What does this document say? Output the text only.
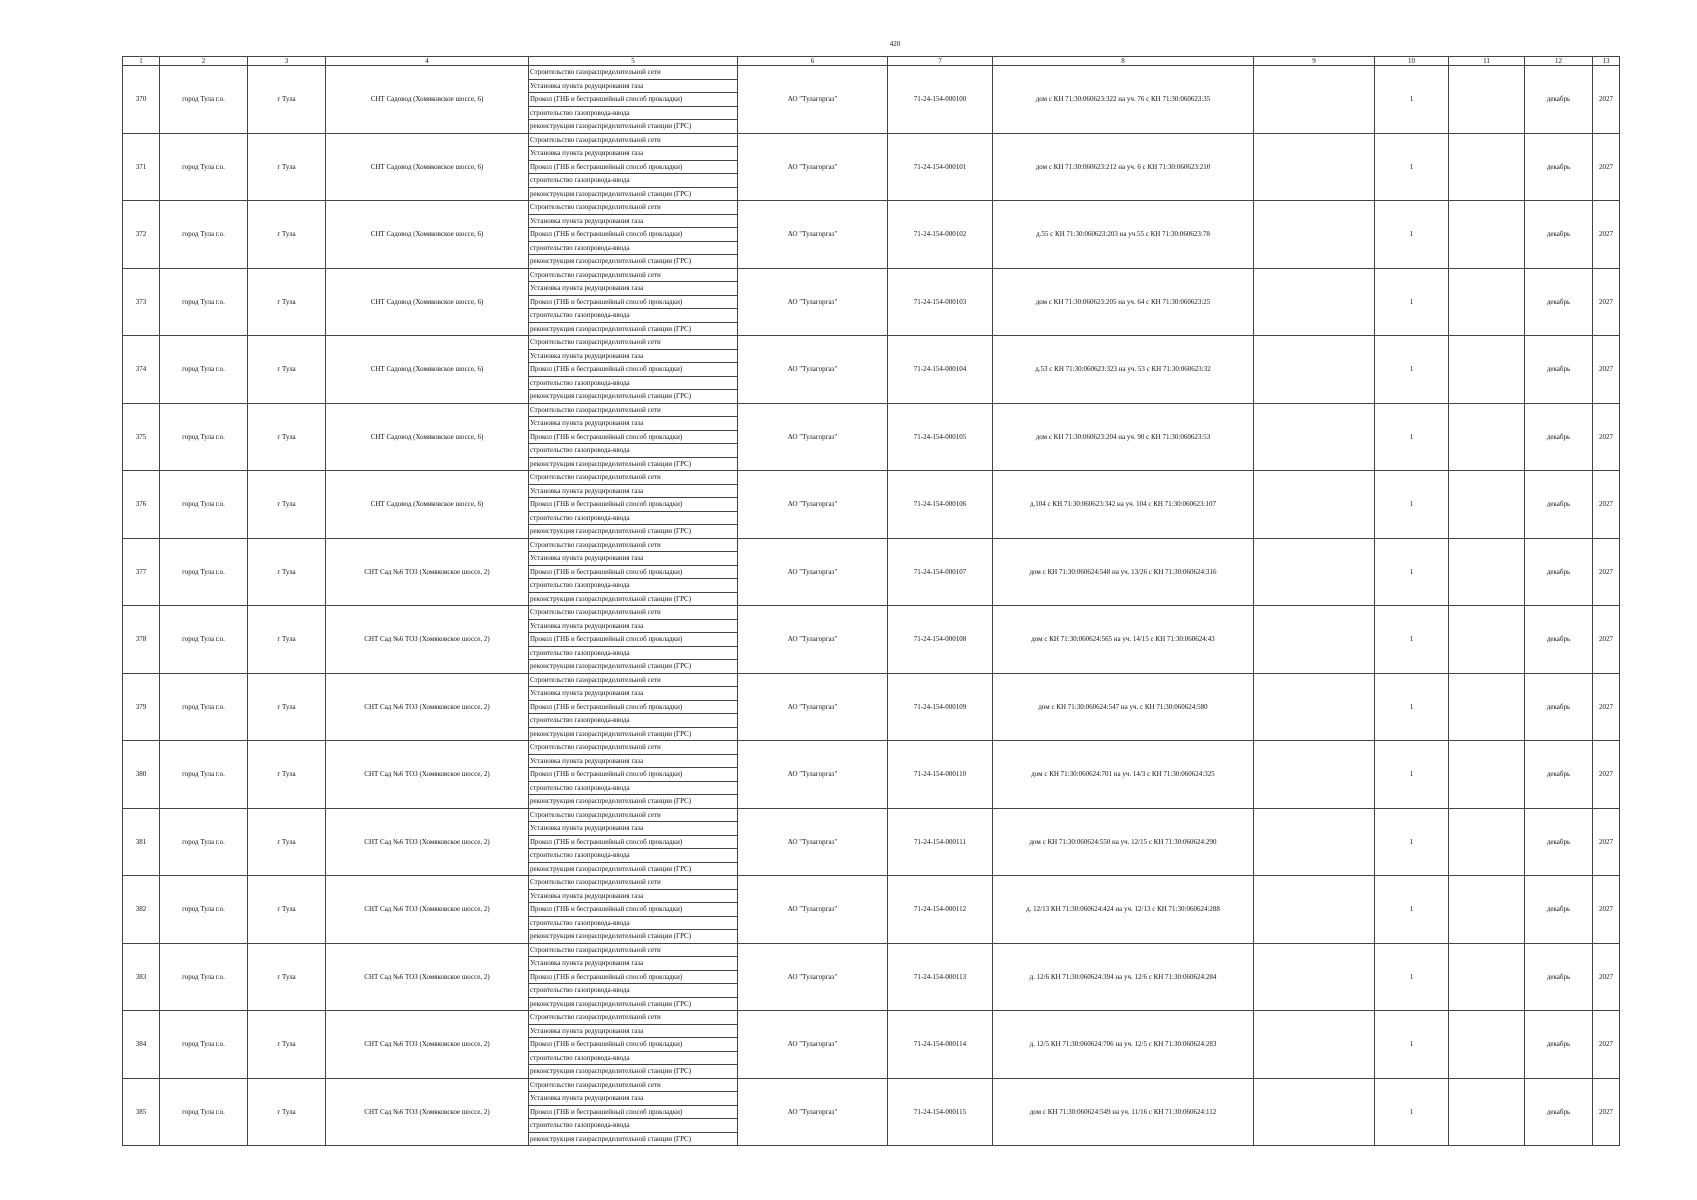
420
1	2	3	4	5	6	7	8	9	10	11	12	13
370	город Тула г.о.	г Тула	СНТ Садовод (Хомяковское шоссе, 6)	Строительство газораспределительной сети	АО "Тулагоргаз"	71-24-154-000100	дом с КН 71:30:060623:322 на уч. 76 с КН 71:30:060623:35		1		декабрь	2027
				Установка пункта редуцирования газа								
				Прокол (ГНБ и бестраншейный способ прокладки)								
				строительство газопровода-ввода								
				реконструкция газораспределительной станции (ГРС)								
371	город Тула г.о.	г Тула	СНТ Садовод (Хомяковское шоссе, 6)	Строительство газораспределительной сети	АО "Тулагоргаз"	71-24-154-000101	дом с КН 71:30:060623:212 на уч. 6 с КН 71:30:060623:210		1		декабрь	2027
				Установка пункта редуцирования газа								
				Прокол (ГНБ и бестраншейный способ прокладки)								
				строительство газопровода-ввода								
				реконструкция газораспределительной станции (ГРС)								
372	город Тула г.о.	г Тула	СНТ Садовод (Хомяковское шоссе, 6)	Строительство газораспределительной сети	АО "Тулагоргаз"	71-24-154-000102	д.55 с КН 71:30:060623:203 на уч.55 с КН 71:30:060623:78		1		декабрь	2027
				Установка пункта редуцирования газа								
				Прокол (ГНБ и бестраншейный способ прокладки)								
				строительство газопровода-ввода								
				реконструкция газораспределительной станции (ГРС)								
373	город Тула г.о.	г Тула	СНТ Садовод (Хомяковское шоссе, 6)	Строительство газораспределительной сети	АО "Тулагоргаз"	71-24-154-000103	дом с КН 71:30:060623:205 на уч. 64 с КН 71:30:060623:25		1		декабрь	2027
				Установка пункта редуцирования газа								
				Прокол (ГНБ и бестраншейный способ прокладки)								
				строительство газопровода-ввода								
				реконструкция газораспределительной станции (ГРС)								
374	город Тула г.о.	г Тула	СНТ Садовод (Хомяковское шоссе, 6)	Строительство газораспределительной сети	АО "Тулагоргаз"	71-24-154-000104	д.53 с КН 71:30:060623:323 на уч. 53 с КН 71:30:060623:32		1		декабрь	2027
				Установка пункта редуцирования газа								
				Прокол (ГНБ и бестраншейный способ прокладки)								
				строительство газопровода-ввода								
				реконструкция газораспределительной станции (ГРС)								
375	город Тула г.о.	г Тула	СНТ Садовод (Хомяковское шоссе, 6)	Строительство газораспределительной сети	АО "Тулагоргаз"	71-24-154-000105	дом с КН 71:30:060623:204 на уч. 90 с КН 71:30:060623:53		1		декабрь	2027
				Установка пункта редуцирования газа								
				Прокол (ГНБ и бестраншейный способ прокладки)								
				строительство газопровода-ввода								
				реконструкция газораспределительной станции (ГРС)								
376	город Тула г.о.	г Тула	СНТ Садовод (Хомяковское шоссе, 6)	Строительство газораспределительной сети	АО "Тулагоргаз"	71-24-154-000106	д.104 с КН 71:30:060623:342 на уч. 104 с КН 71:30:060623:107		1		декабрь	2027
				Установка пункта редуцирования газа								
				Прокол (ГНБ и бестраншейный способ прокладки)								
				строительство газопровода-ввода								
				реконструкция газораспределительной станции (ГРС)								
377	город Тула г.о.	г Тула	СНТ Сад №6 ТОЗ (Хомяковское шоссе, 2)	Строительство газораспределительной сети	АО "Тулагоргаз"	71-24-154-000107	дом с КН 71:30:060624:548 на уч. 13/26 с КН 71:30:060624:316		1		декабрь	2027
				Установка пункта редуцирования газа								
				Прокол (ГНБ и бестраншейный способ прокладки)								
				строительство газопровода-ввода								
				реконструкция газораспределительной станции (ГРС)								
378	город Тула г.о.	г Тула	СНТ Сад №6 ТОЗ (Хомяковское шоссе, 2)	Строительство газораспределительной сети	АО "Тулагоргаз"	71-24-154-000108	дом с КН 71:30:060624:565 на уч. 14/15 с КН 71:30:060624:43		1		декабрь	2027
				Установка пункта редуцирования газа								
				Прокол (ГНБ и бестраншейный способ прокладки)								
				строительство газопровода-ввода								
				реконструкция газораспределительной станции (ГРС)								
379	город Тула г.о.	г Тула	СНТ Сад №6 ТОЗ (Хомяковское шоссе, 2)	Строительство газораспределительной сети	АО "Тулагоргаз"	71-24-154-000109	дом с КН 71:30:060624:547 на уч. с КН 71:30:060624:580		1		декабрь	2027
				Установка пункта редуцирования газа								
				Прокол (ГНБ и бестраншейный способ прокладки)								
				строительство газопровода-ввода								
				реконструкция газораспределительной станции (ГРС)								
380	город Тула г.о.	г Тула	СНТ Сад №6 ТОЗ (Хомяковское шоссе, 2)	Строительство газораспределительной сети	АО "Тулагоргаз"	71-24-154-000110	дом с КН 71:30:060624:701 на уч. 14/3 с КН 71:30:060624:325		1		декабрь	2027
				Установка пункта редуцирования газа								
				Прокол (ГНБ и бестраншейный способ прокладки)								
				строительство газопровода-ввода								
				реконструкция газораспределительной станции (ГРС)								
381	город Тула г.о.	г Тула	СНТ Сад №6 ТОЗ (Хомяковское шоссе, 2)	Строительство газораспределительной сети	АО "Тулагоргаз"	71-24-154-000111	дом с КН 71:30:060624:550 на уч. 12/15 с КН 71:30:060624:290		1		декабрь	2027
				Установка пункта редуцирования газа								
				Прокол (ГНБ и бестраншейный способ прокладки)								
				строительство газопровода-ввода								
				реконструкция газораспределительной станции (ГРС)								
382	город Тула г.о.	г Тула	СНТ Сад №6 ТОЗ (Хомяковское шоссе, 2)	Строительство газораспределительной сети	АО "Тулагоргаз"	71-24-154-000112	д. 12/13 КН 71:30:060624:424 на уч. 12/13 с КН 71:30:060624:288		1		декабрь	2027
				Установка пункта редуцирования газа								
				Прокол (ГНБ и бестраншейный способ прокладки)								
				строительство газопровода-ввода								
				реконструкция газораспределительной станции (ГРС)								
383	город Тула г.о.	г Тула	СНТ Сад №6 ТОЗ (Хомяковское шоссе, 2)	Строительство газораспределительной сети	АО "Тулагоргаз"	71-24-154-000113	д. 12/6 КН 71:30:060624:394 на уч. 12/6 с КН 71:30:060624:284		1		декабрь	2027
				Установка пункта редуцирования газа								
				Прокол (ГНБ и бестраншейный способ прокладки)								
				строительство газопровода-ввода								
				реконструкция газораспределительной станции (ГРС)								
384	город Тула г.о.	г Тула	СНТ Сад №6 ТОЗ (Хомяковское шоссе, 2)	Строительство газораспределительной сети	АО "Тулагоргаз"	71-24-154-000114	д. 12/5 КН 71:30:060624:706 на уч. 12/5 с КН 71:30:060624:283		1		декабрь	2027
				Установка пункта редуцирования газа								
				Прокол (ГНБ и бестраншейный способ прокладки)								
				строительство газопровода-ввода								
				реконструкция газораспределительной станции (ГРС)								
385	город Тула г.о.	г Тула	СНТ Сад №6 ТОЗ (Хомяковское шоссе, 2)	Строительство газораспределительной сети	АО "Тулагоргаз"	71-24-154-000115	дом с КН 71:30:060624:549 на уч. 11/16 с КН 71:30:060624:112		1		декабрь	2027
				Установка пункта редуцирования газа								
				Прокол (ГНБ и бестраншейный способ прокладки)								
				строительство газопровода-ввода								
				реконструкция газораспределительной станции (ГРС)								
